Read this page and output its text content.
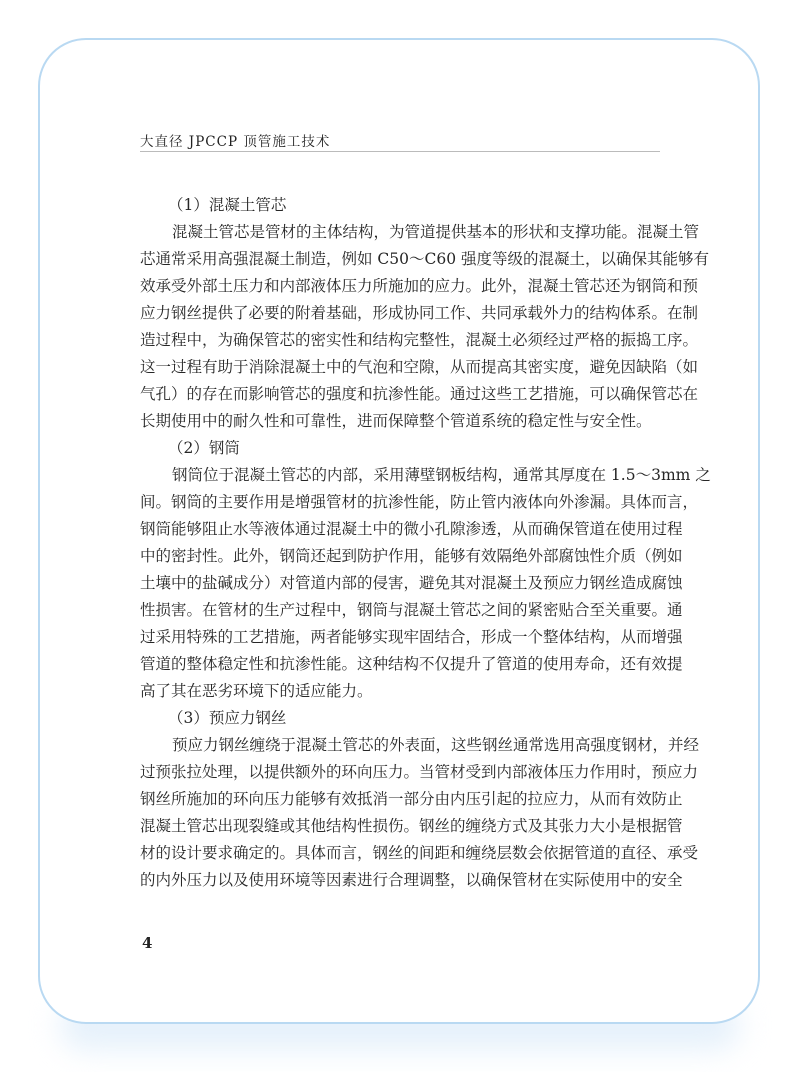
大直径 JPCCP 顶管施工技术
（1）混凝土管芯
混凝土管芯是管材的主体结构，为管道提供基本的形状和支撑功能。混凝土管
芯通常采用高强混凝土制造，例如 C50～C60 强度等级的混凝土，以确保其能够有
效承受外部土压力和内部液体压力所施加的应力。此外，混凝土管芯还为钢筒和预
应力钢丝提供了必要的附着基础，形成协同工作、共同承载外力的结构体系。在制
造过程中，为确保管芯的密实性和结构完整性，混凝土必须经过严格的振捣工序。
这一过程有助于消除混凝土中的气泡和空隙，从而提高其密实度，避免因缺陷（如
气孔）的存在而影响管芯的强度和抗渗性能。通过这些工艺措施，可以确保管芯在
长期使用中的耐久性和可靠性，进而保障整个管道系统的稳定性与安全性。
（2）钢筒
钢筒位于混凝土管芯的内部，采用薄壁钢板结构，通常其厚度在 1.5～3mm 之
间。钢筒的主要作用是增强管材的抗渗性能，防止管内液体向外渗漏。具体而言，
钢筒能够阻止水等液体通过混凝土中的微小孔隙渗透，从而确保管道在使用过程
中的密封性。此外，钢筒还起到防护作用，能够有效隔绝外部腐蚀性介质（例如
土壤中的盐碱成分）对管道内部的侵害，避免其对混凝土及预应力钢丝造成腐蚀
性损害。在管材的生产过程中，钢筒与混凝土管芯之间的紧密贴合至关重要。通
过采用特殊的工艺措施，两者能够实现牢固结合，形成一个整体结构，从而增强
管道的整体稳定性和抗渗性能。这种结构不仅提升了管道的使用寿命，还有效提
高了其在恶劣环境下的适应能力。
（3）预应力钢丝
预应力钢丝缠绕于混凝土管芯的外表面，这些钢丝通常选用高强度钢材，并经
过预张拉处理，以提供额外的环向压力。当管材受到内部液体压力作用时，预应力
钢丝所施加的环向压力能够有效抵消一部分由内压引起的拉应力，从而有效防止
混凝土管芯出现裂缝或其他结构性损伤。钢丝的缠绕方式及其张力大小是根据管
材的设计要求确定的。具体而言，钢丝的间距和缠绕层数会依据管道的直径、承受
的内外压力以及使用环境等因素进行合理调整，以确保管材在实际使用中的安全
4
